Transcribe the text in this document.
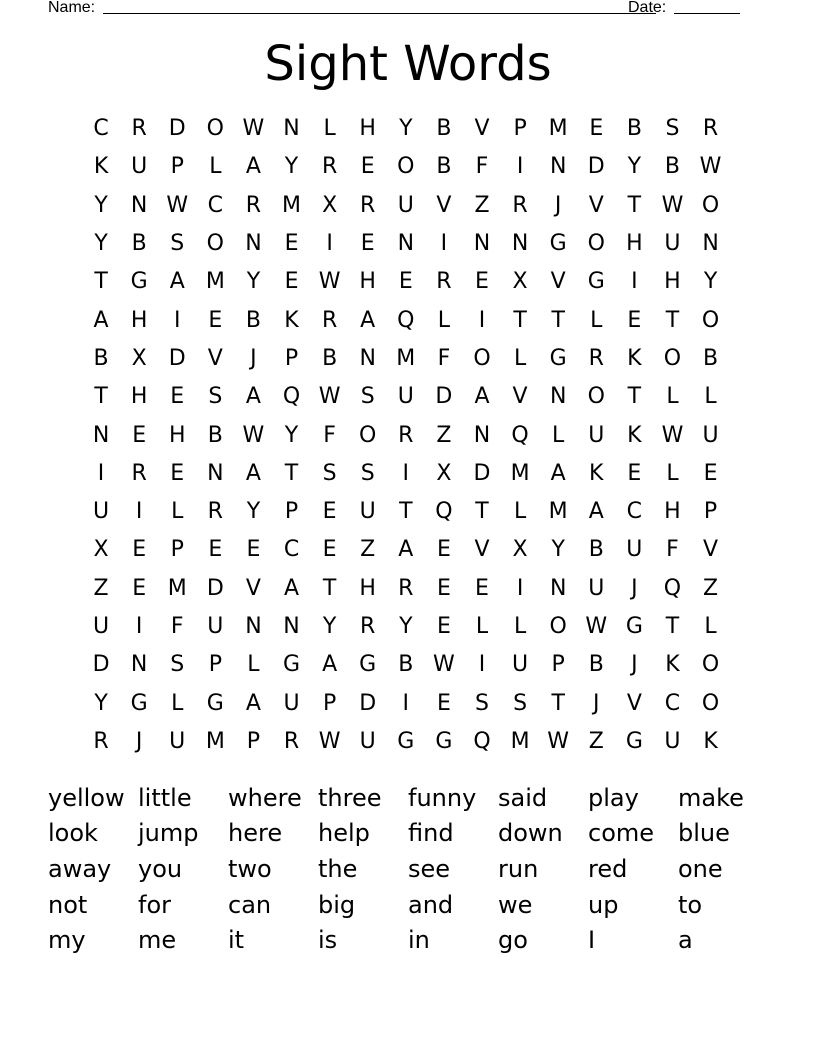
Name:	Date:
Sight Words
C	R D O W N	L	H	Y	B	V	P M E	B	S	R
K	U	P	L	A	Y	R	E	O B	F	I	N D	Y	B W
Y	N W C	R M X	R	U	V	Z	R	J	V	T W O
Y	B	S	O N	E	I	E	N	I	N N G O H U N
T	G	A M Y	E W H	E	R	E	X	V	G	I	H	Y
A	H	I	E	B	K	R	A Q	L	I	T	T	L	E	T	O
B	X	D	V	J	P	B	N M	F	O	L	G R	K	O B
T	H	E	S	A Q W S	U D	A	V	N O	T	L	L
N	E	H	B W Y	F	O R	Z	N Q	L	U	K W U
I	R	E	N	A	T	S	S	I	X	D M A	K	E	L	E
U	I	L	R	Y	P	E	U	T	Q	T	L	M A	C	H	P
X	E	P	E	E	C	E	Z	A	E	V	X	Y	B	U	F	V
Z	E M D	V	A	T	H	R	E	E	I	N U	J	Q Z
U	I	F	U N N	Y	R	Y	E	L	L	O W G	T	L
D N	S	P	L	G	A	G	B W	I	U	P	B	J	K	O
Y	G	L	G	A	U	P	D	I	E	S	S	T	J	V	C O
R	J	U M P	R W U G G Q M W Z	G U	K
yellow little	where three	funny said	play	make
look	jump	here	help	find	down	come blue
away	you	two	the	see	run	red	one
not	for	can	big	and	we	up	to
my	me	it	is	in	go	I	a
